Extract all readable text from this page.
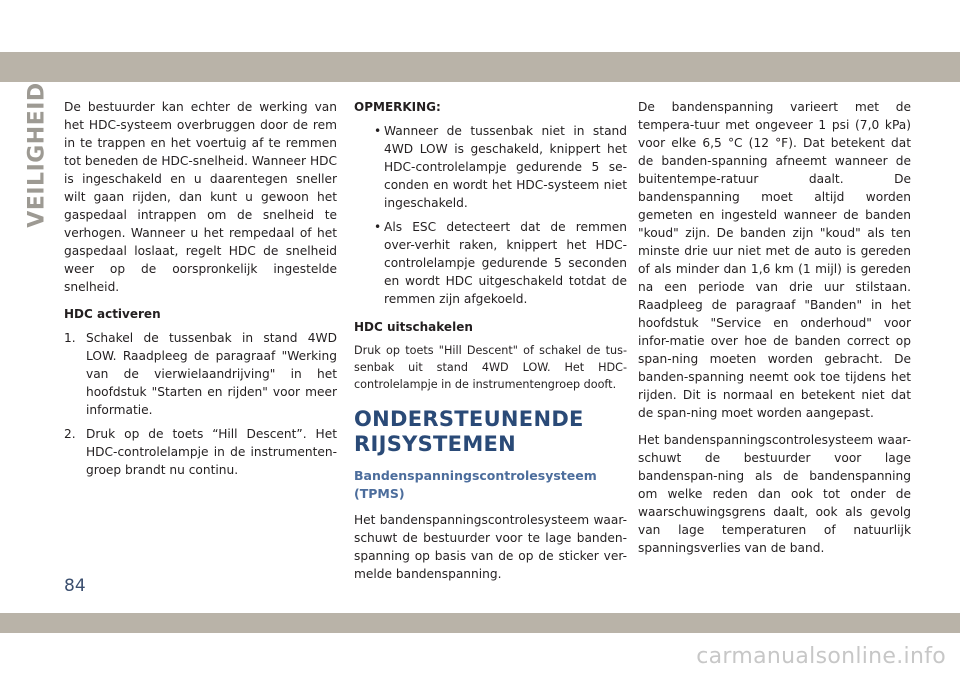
VEILIGHEID De bestuurder kan echter de werking van het HDC-systeem overbruggen door de rem in te trappen en het voertuig af te remmen tot beneden de HDC-snelheid. Wanneer HDC is ingeschakeld en u daarentegen sneller wilt gaan rijden, dan kunt u gewoon het gaspedaal intrappen om de snelheid te verhogen. Wanneer u het rempedaal of het gaspedaal loslaat, regelt HDC de snelheid weer op de oorspronkelijk ingestelde snelheid.

HDC activeren
1. Schakel de tussenbak in stand 4WD LOW. Raadpleeg de paragraaf "Werking van de vierwielaandrijving" in het hoofdstuk "Starten en rijden" voor meer informatie.
2. Druk op de toets “Hill Descent”. Het HDC-controlelampje in de instrumenten-groep brandt nu continu.
OPMERKING:
• Wanneer de tussenbak niet in stand 4WD LOW is geschakeld, knippert het HDC-controlelampje gedurende 5 se-conden en wordt het HDC-systeem niet ingeschakeld.
• Als ESC detecteert dat de remmen over-verhit raken, knippert het HDC-controlelampje gedurende 5 seconden en wordt HDC uitgeschakeld totdat de remmen zijn afgekoeld.
HDC uitschakelen

Druk op toets "Hill Descent" of schakel de tus-senbak uit stand 4WD LOW. Het HDC-controlelampje in de instrumentengroep dooft.

ONDERSTEUNENDE
RIJSYSTEMEN
Bandenspanningscontrolesysteem (TPMS)

Het bandenspanningscontrolesysteem waar-schuwt de bestuurder voor te lage banden-spanning op basis van de op de sticker ver-melde bandenspanning.

De bandenspanning varieert met de tempera-tuur met ongeveer 1 psi (7,0 kPa) voor elke 6,5 °C (12 °F). Dat betekent dat de banden-spanning afneemt wanneer de buitentempe-ratuur daalt. De bandenspanning moet altijd worden gemeten en ingesteld wanneer de banden "koud" zijn. De banden zijn "koud" als ten minste drie uur niet met de auto is gereden of als minder dan 1,6 km (1 mijl) is gereden na een periode van drie uur stilstaan. Raadpleeg de paragraaf "Banden" in het hoofdstuk "Service en onderhoud" voor infor-matie over hoe de banden correct op span-ning moeten worden gebracht. De banden-spanning neemt ook toe tijdens het rijden. Dit is normaal en betekent niet dat de span-ning moet worden aangepast.

Het bandenspanningscontrolesysteem waar-schuwt de bestuurder voor lage bandenspan-ning als de bandenspanning om welke reden dan ook tot onder de waarschuwingsgrens daalt, ook als gevolg van lage temperaturen of natuurlijk spanningsverlies van de band.

84
carmanualsonline.info
